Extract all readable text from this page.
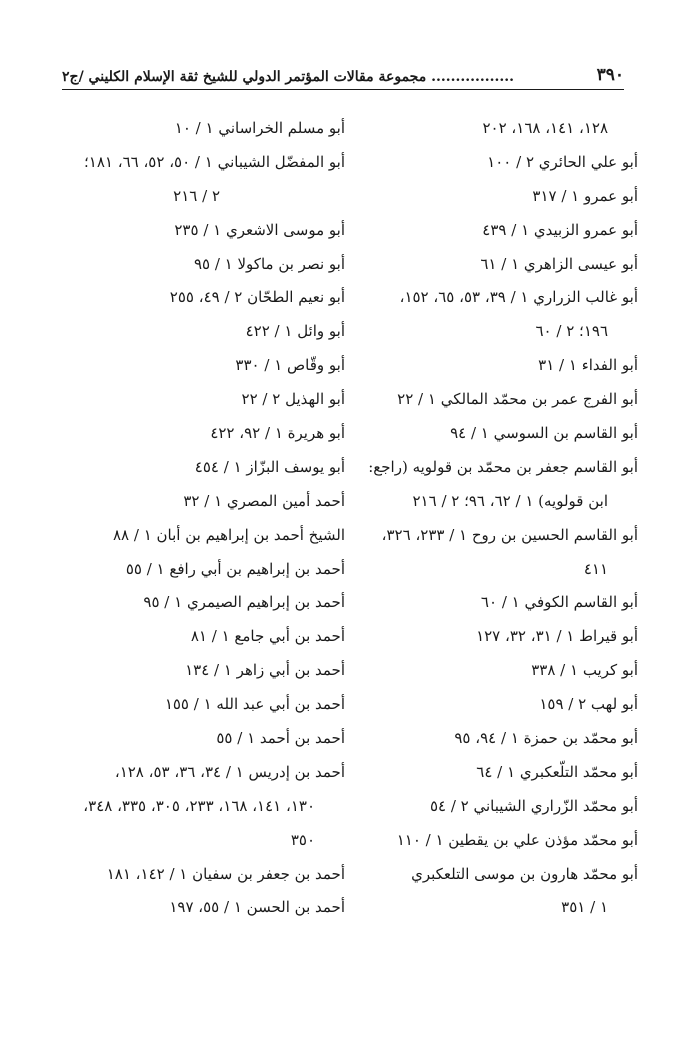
٣٩٠
................. مجموعة مقالات المؤتمر الدولي للشيخ ثقة الإسلام الكليني /ج٢
١٢٨، ١٤١، ١٦٨، ٢٠٢
أبو علي الحائري ٢ / ١٠٠
أبو عمرو ١ / ٣١٧
أبو عمرو الزبيدي ١ / ٤٣٩
أبو عيسى الزاهري ١ / ٦١
أبو غالب الزراري ١ / ٣٩، ٥٣، ٦٥، ١٥٢،
١٩٦؛ ٢ / ٦٠
أبو الفداء ١ / ٣١
أبو الفرج عمر بن محمّد المالكي ١ / ٢٢
أبو القاسم بن السوسي ١ / ٩٤
أبو القاسم جعفر بن محمّد بن قولويه (راجع:
ابن قولويه) ١ / ٦٢، ٩٦؛ ٢ / ٢١٦
أبو القاسم الحسين بن روح ١ / ٢٣٣، ٣٢٦،
٤١١
أبو القاسم الكوفي ١ / ٦٠
أبو قيراط ١ / ٣١، ٣٢، ١٢٧
أبو كريب ١ / ٣٣٨
أبو لهب ٢ / ١٥٩
أبو محمّد بن حمزة ١ / ٩٤، ٩٥
أبو محمّد التلّعكبري ١ / ٦٤
أبو محمّد الزّراري الشيباني ٢ / ٥٤
أبو محمّد مؤذن علي بن يقطين ١ / ١١٠
أبو محمّد هارون بن موسى التلعكبري
١ / ٣٥١
أبو مسلم الخراساني ١ / ١٠
أبو المفضّل الشيباني ١ / ٥٠، ٥٢، ٦٦، ١٨١؛
٢ / ٢١٦
أبو موسى الاشعري ١ / ٢٣٥
أبو نصر بن ماكولا ١ / ٩٥
أبو نعيم الطحّان ٢ / ٤٩، ٢٥٥
أبو وائل ١ / ٤٢٢
أبو وقّاص ١ / ٣٣٠
أبو الهذيل ٢ / ٢٢
أبو هريرة ١ / ٩٢، ٤٢٢
أبو يوسف البزّاز ١ / ٤٥٤
أحمد أمين المصري ١ / ٣٢
الشيخ أحمد بن إبراهيم بن أبان ١ / ٨٨
أحمد بن إبراهيم بن أبي رافع ١ / ٥٥
أحمد بن إبراهيم الصيمري ١ / ٩٥
أحمد بن أبي جامع ١ / ٨١
أحمد بن أبي زاهر ١ / ١٣٤
أحمد بن أبي عبد الله ١ / ١٥٥
أحمد بن أحمد ١ / ٥٥
أحمد بن إدريس ١ / ٣٤، ٣٦، ٥٣، ١٢٨،
١٣٠، ١٤١، ١٦٨، ٢٣٣، ٣٠٥، ٣٣٥، ٣٤٨،
٣٥٠
أحمد بن جعفر بن سفيان ١ / ١٤٢، ١٨١
أحمد بن الحسن ١ / ٥٥، ١٩٧
